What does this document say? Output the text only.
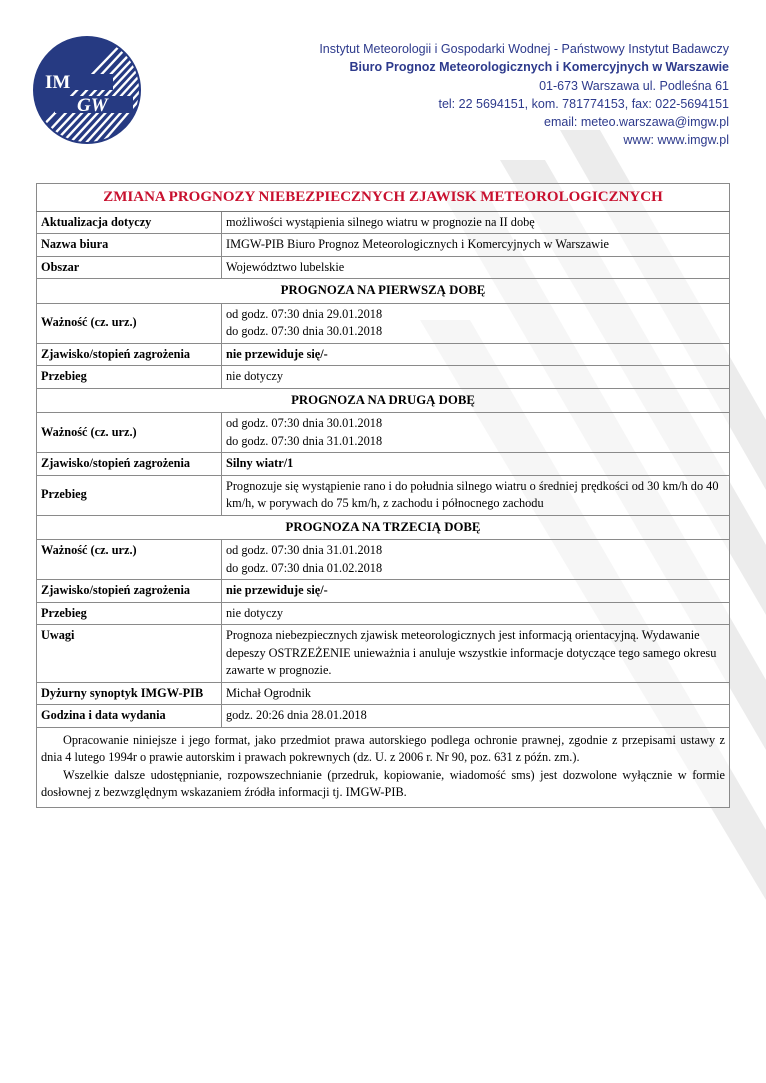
IM
GW
Instytut Meteorologii i Gospodarki Wodnej - Państwowy Instytut Badawczy
Biuro Prognoz Meteorologicznych i Komercyjnych w Warszawie
01-673 Warszawa ul. Podleśna 61
tel: 22 5694151, kom. 781774153, fax: 022-5694151
email: meteo.warszawa@imgw.pl
www: www.imgw.pl
ZMIANA PROGNOZY NIEBEZPIECZNYCH ZJAWISK METEOROLOGICZNYCH	
Aktualizacja dotyczy	możliwości wystąpienia silnego wiatru w prognozie na II dobę
Nazwa biura	IMGW-PIB Biuro Prognoz Meteorologicznych i Komercyjnych w Warszawie
Obszar	Województwo lubelskie
PROGNOZA NA PIERWSZĄ DOBĘ	
Ważność (cz. urz.)	od godz. 07:30 dnia 29.01.2018
do godz. 07:30 dnia 30.01.2018

Zjawisko/stopień zagrożenia	nie przewiduje się/-
Przebieg	nie dotyczy
PROGNOZA NA DRUGĄ DOBĘ	
Ważność (cz. urz.)	od godz. 07:30 dnia 30.01.2018
do godz. 07:30 dnia 31.01.2018

Zjawisko/stopień zagrożenia	Silny wiatr/1
Przebieg	Prognozuje się wystąpienie rano i do południa silnego wiatru o średniej prędkości od 30 km/h do 40 km/h, w porywach do 75 km/h, z zachodu i północnego zachodu
PROGNOZA NA TRZECIĄ DOBĘ	
Ważność (cz. urz.)	od godz. 07:30 dnia 31.01.2018
do godz. 07:30 dnia 01.02.2018

Zjawisko/stopień zagrożenia	nie przewiduje się/-
Przebieg	nie dotyczy
Uwagi	Prognoza niebezpiecznych zjawisk meteorologicznych jest informacją orientacyjną. Wydawanie depeszy OSTRZEŻENIE unieważnia i anuluje wszystkie informacje dotyczące tego samego okresu zawarte w prognozie.
Dyżurny synoptyk IMGW-PIB	Michał Ogrodnik
Godzina i data wydania	godz. 20:26 dnia 28.01.2018

Opracowanie niniejsze i jego format, jako przedmiot prawa autorskiego podlega ochronie prawnej, zgodnie z przepisami ustawy z dnia 4 lutego 1994r o prawie autorskim i prawach pokrewnych (dz. U. z 2006 r. Nr 90, poz. 631 z późn. zm.).

Wszelkie dalsze udostępnianie, rozpowszechnianie (przedruk, kopiowanie, wiadomość sms) jest dozwolone wyłącznie w formie dosłownej z bezwzględnym wskazaniem źródła informacji tj. IMGW-PIB.	
